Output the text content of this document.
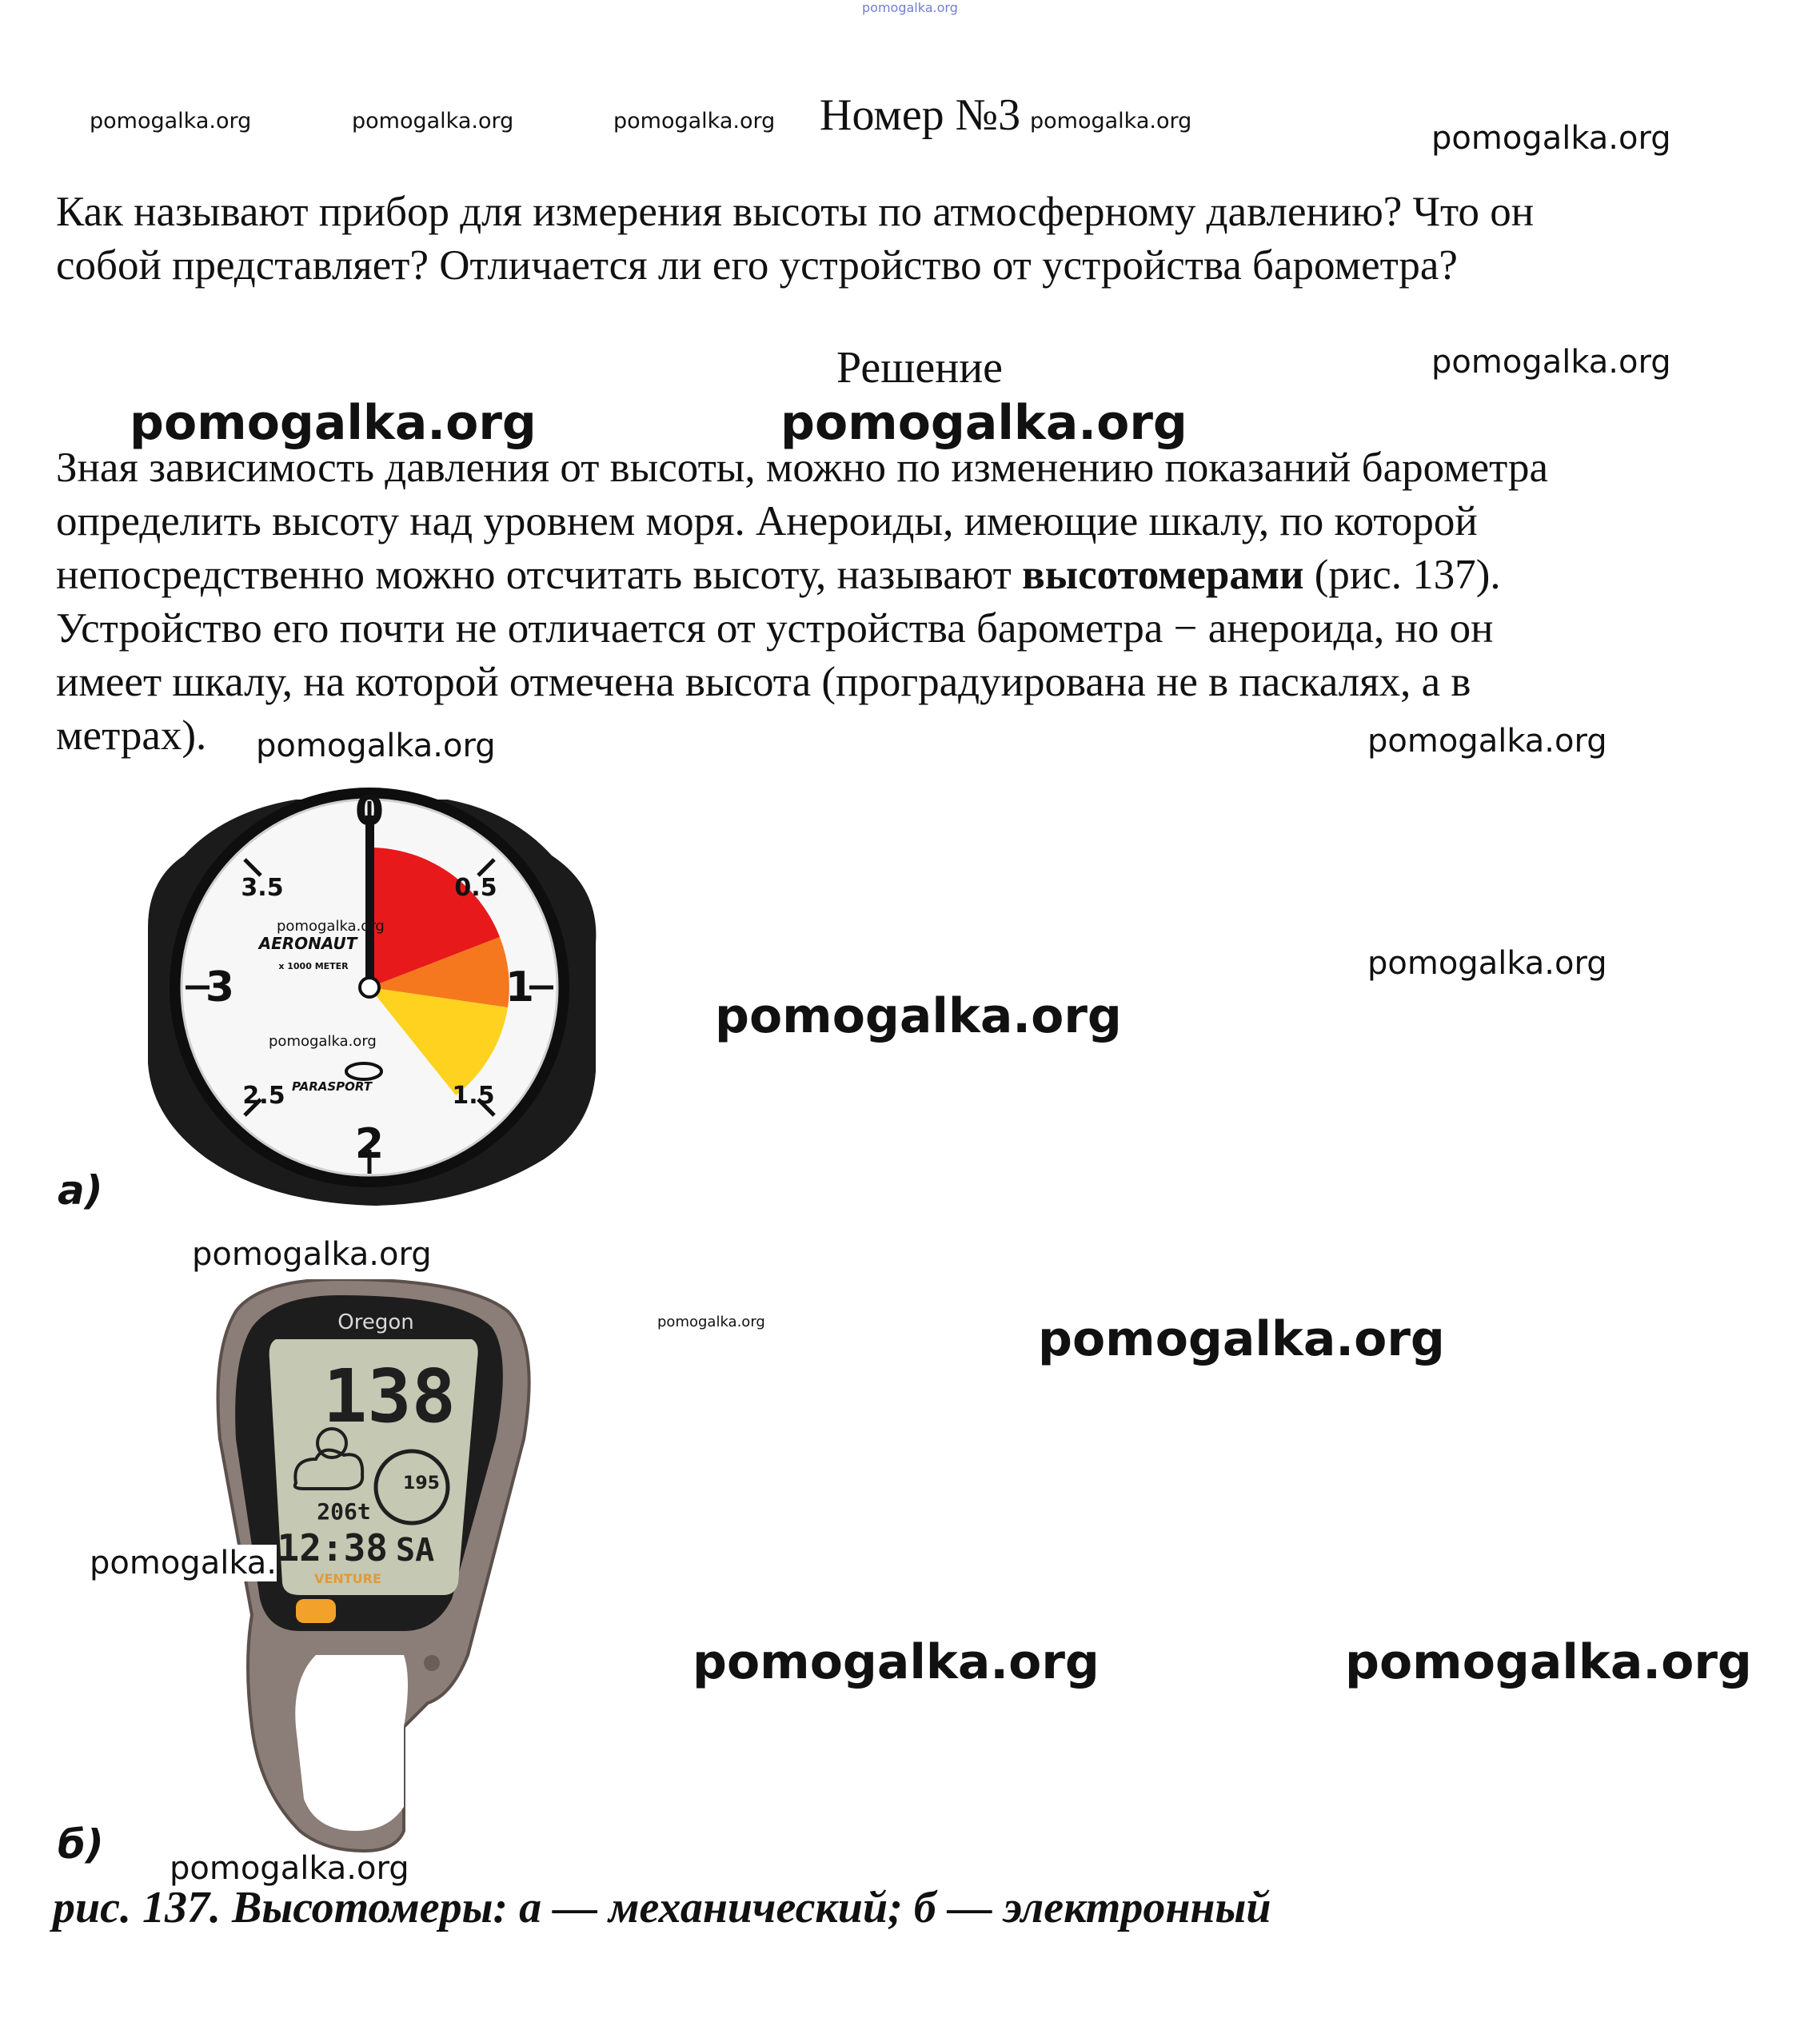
pomogalka.org
pomogalka.org	pomogalka.org	pomogalka.org Номер №3 pomogalka.org	pomogalka.org
Как называют прибор для измерения высоты по атмосферному давлению? Что он
собой представляет? Отличается ли его устройство от устройства барометра?
Решение	pomogalka.org
pomogalka.org	pomogalka.org
Зная зависимость давления от высоты, можно по изменению показаний барометра
определить высоту над уровнем моря. Анероиды, имеющие шкалу, по которой
непосредственно можно отсчитать высоту, называют высотомерами (рис. 137).
Устройство его почти не отличается от устройства барометра − анероида, но он
имеет шкалу, на которой отмечена высота (проградуирована не в паскалях, а в
метрах). pomogalka.org	pomogalka.org
0
0.5
1
1.5
2
2.5
3
3.5
AERONAUT
x 1000 METER
PARASPORT
pomogalka.org
pomogalka.org
а)
pomogalka.org
pomogalka.org
pomogalka.org
Oregon
138
195
206t
12:38 SA
VENTURE
pomogalka.org	pomogalka.org
pomogalka.
pomogalka.org	pomogalka.org
б)
pomogalka.org
рис. 137. Высотомеры: а — механический; б — электронный
